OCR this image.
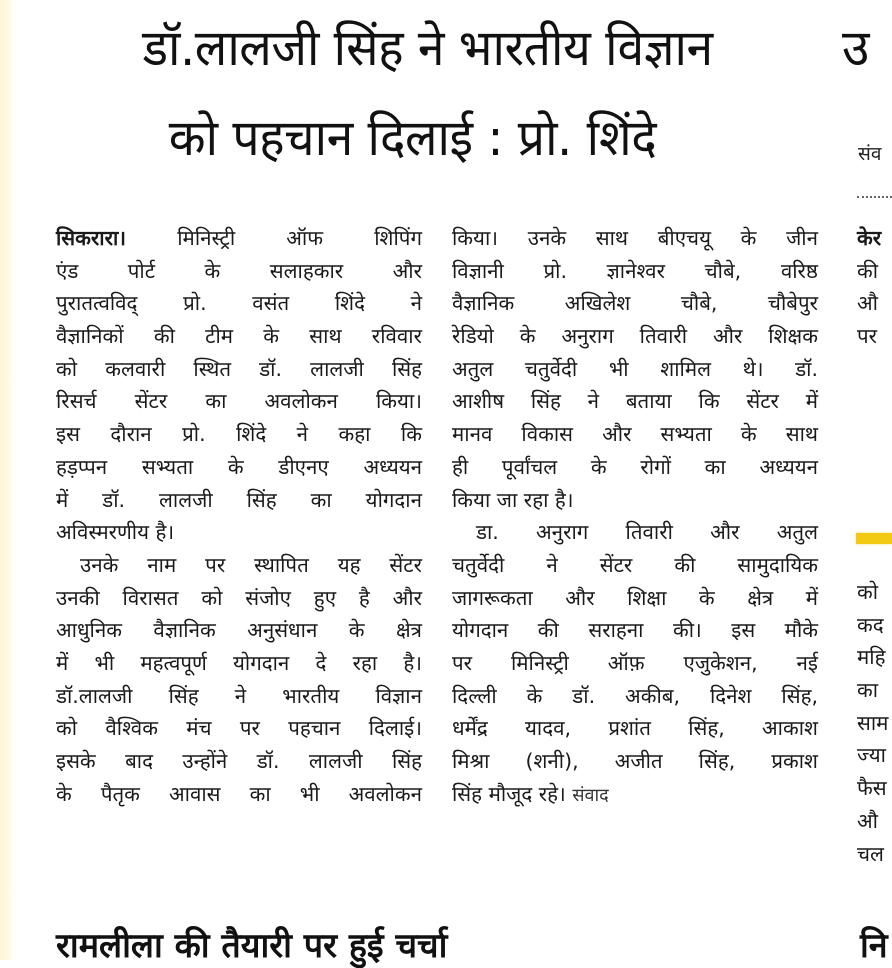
डॉ.लालजी सिंह ने भारतीय विज्ञान
को पहचान दिलाई : प्रो. शिंदे
उ
संव
सिकरारा। मिनिस्ट्री ऑफ शिपिंग
एंड पोर्ट के सलाहकार और
पुरातत्वविद् प्रो. वसंत शिंदे ने
वैज्ञानिकों की टीम के साथ रविवार
को कलवारी स्थित डॉ. लालजी सिंह
रिसर्च सेंटर का अवलोकन किया।
इस दौरान प्रो. शिंदे ने कहा कि
हड़प्पन सभ्यता के डीएनए अध्ययन
में डॉ. लालजी सिंह का योगदान
अविस्मरणीय है।
उनके नाम पर स्थापित यह सेंटर
उनकी विरासत को संजोए हुए है और
आधुनिक वैज्ञानिक अनुसंधान के क्षेत्र
में भी महत्वपूर्ण योगदान दे रहा है।
डॉ.लालजी सिंह ने भारतीय विज्ञान
को वैश्विक मंच पर पहचान दिलाई।
इसके बाद उन्होंने डॉ. लालजी सिंह
के पैतृक आवास का भी अवलोकन
किया। उनके साथ बीएचयू के जीन
विज्ञानी प्रो. ज्ञानेश्वर चौबे, वरिष्ठ
वैज्ञानिक अखिलेश चौबे, चौबेपुर
रेडियो के अनुराग तिवारी और शिक्षक
अतुल चतुर्वेदी भी शामिल थे। डॉ.
आशीष सिंह ने बताया कि सेंटर में
मानव विकास और सभ्यता के साथ
ही पूर्वांचल के रोगों का अध्ययन
किया जा रहा है।
डा. अनुराग तिवारी और अतुल
चतुर्वेदी ने सेंटर की सामुदायिक
जागरूकता और शिक्षा के क्षेत्र में
योगदान की सराहना की। इस मौके
पर मिनिस्ट्री ऑफ़ एजुकेशन, नई
दिल्ली के डॉ. अकीब, दिनेश सिंह,
धर्मेंद्र यादव, प्रशांत सिंह, आकाश
मिश्रा (शनी), अजीत सिंह, प्रकाश
सिंह मौजूद रहे। संवाद
केर
की
औ
पर
को
कद
महि
का
साम
ज्या
फैस
औ
चल
रामलीला की तैयारी पर हुई चर्चा	नि
